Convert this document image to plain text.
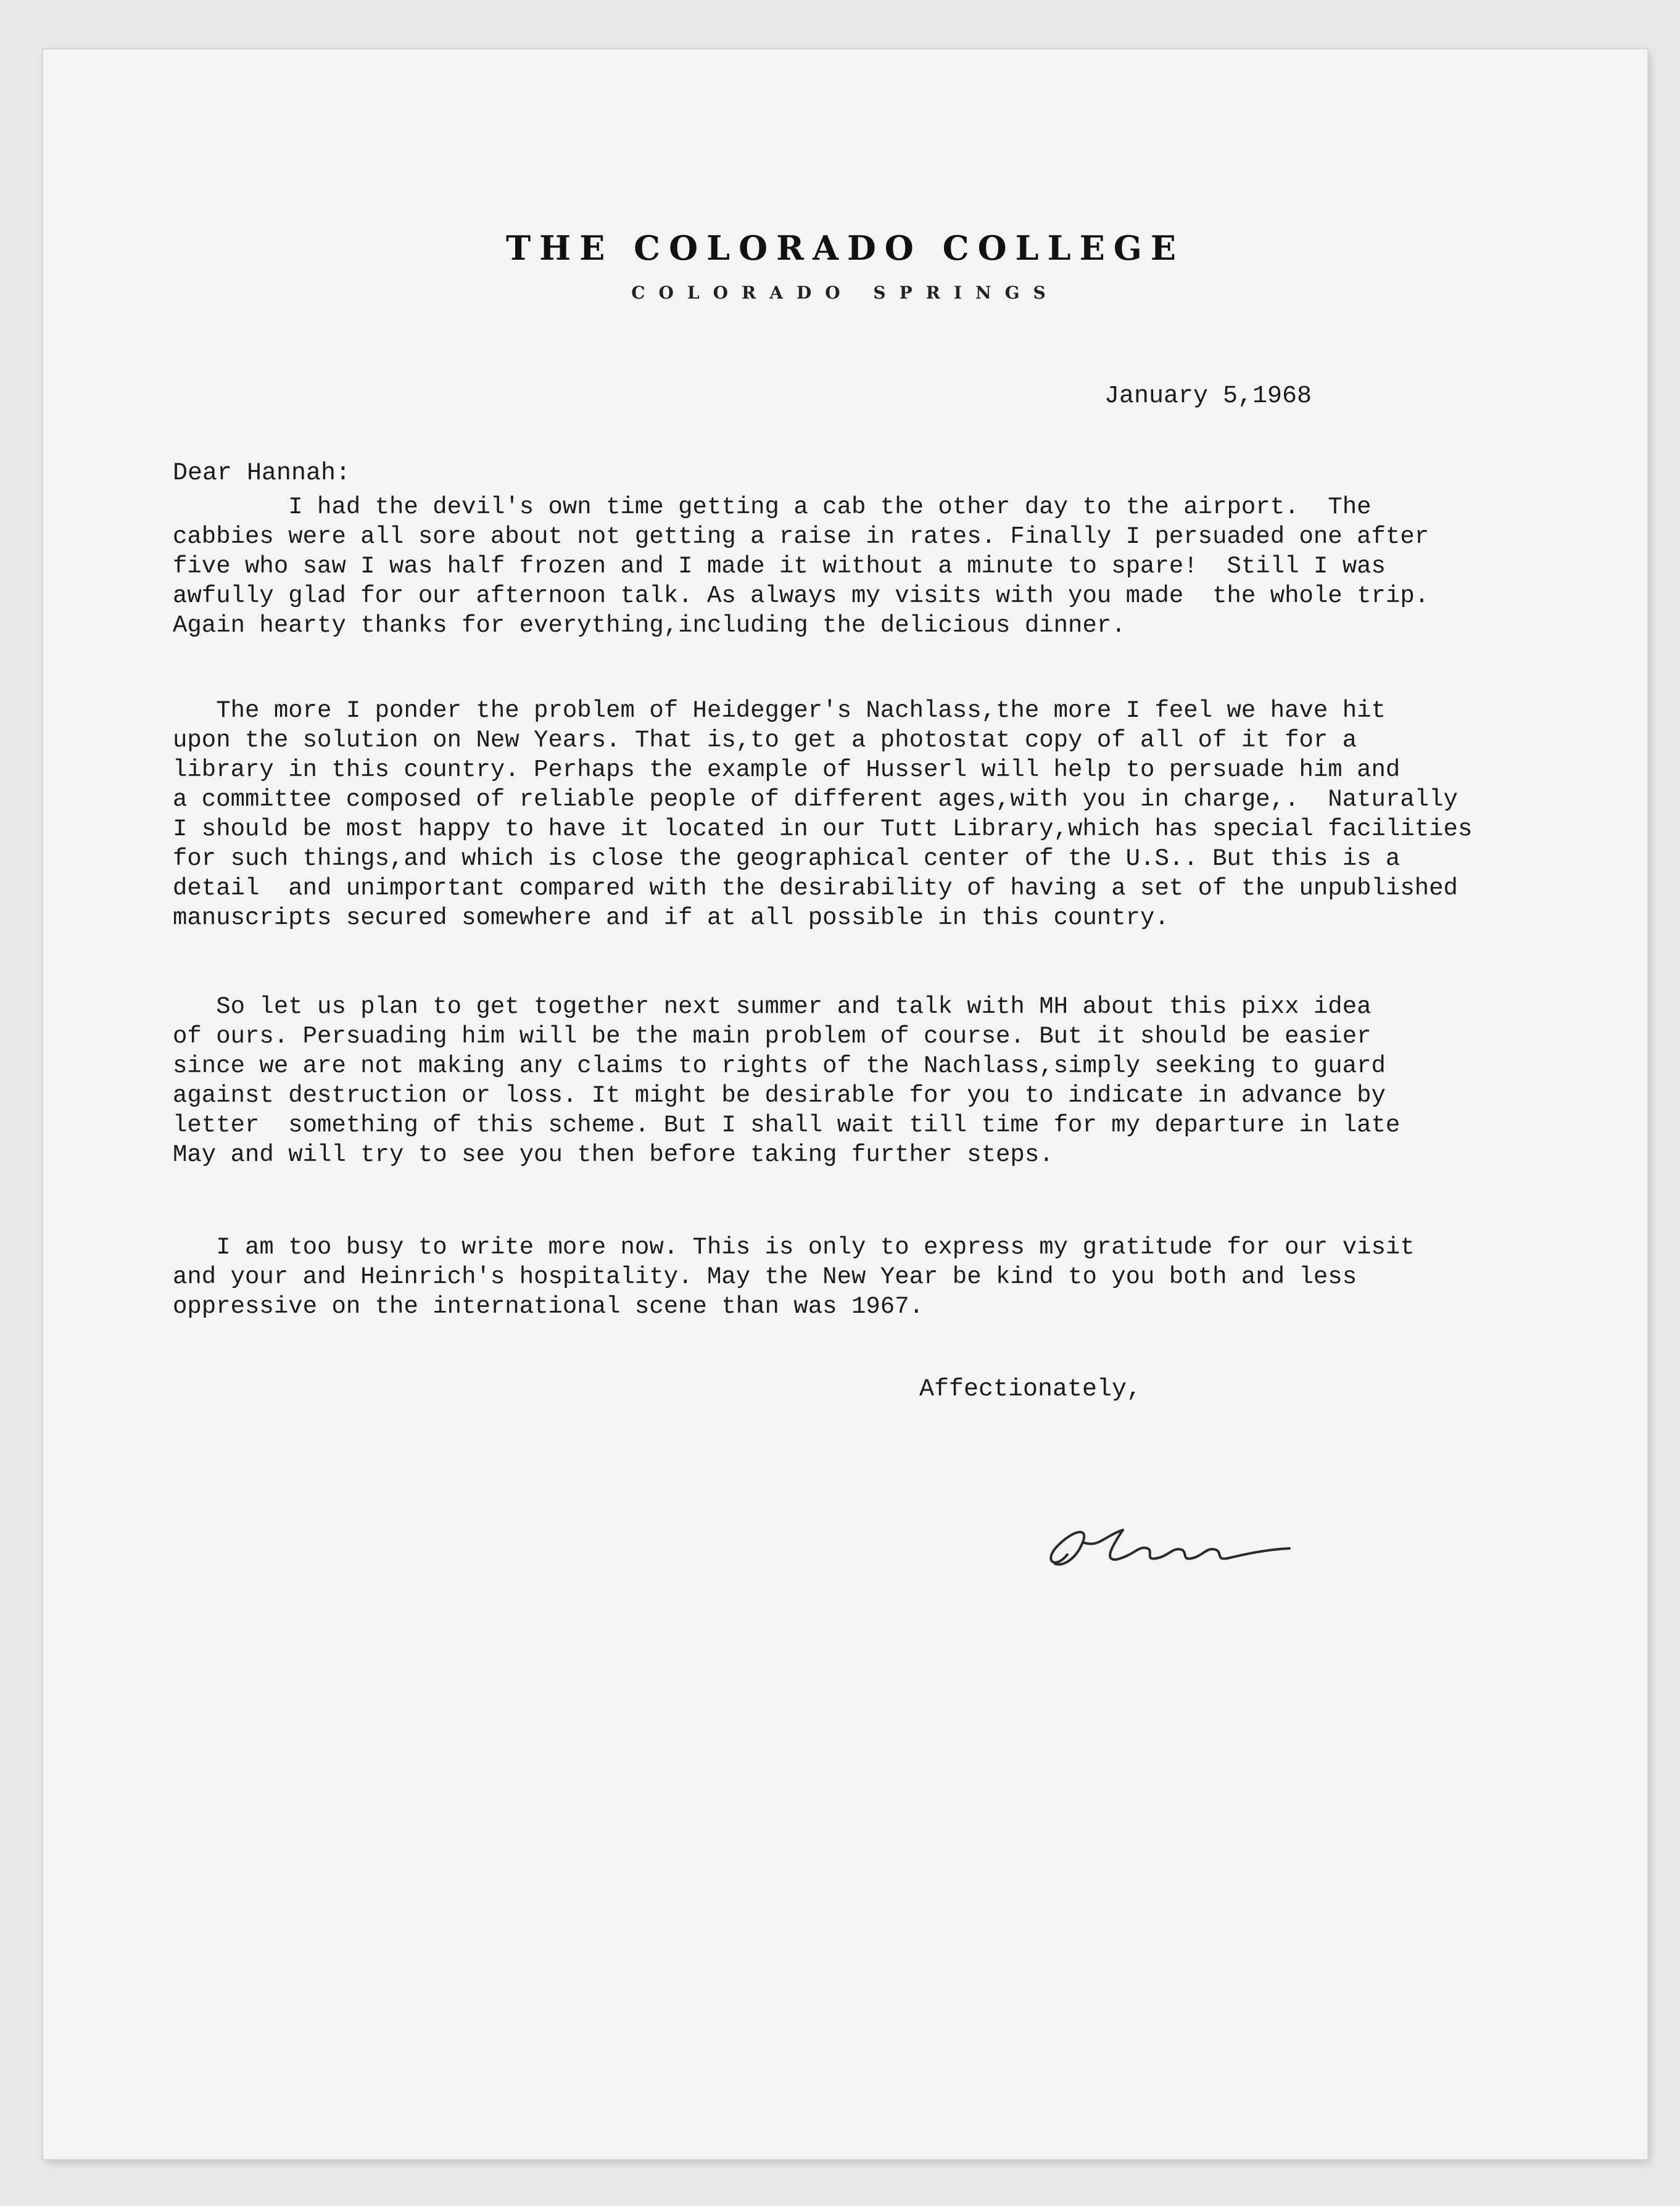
THE COLORADO COLLEGE
COLORADO SPRINGS
January 5,1968
Dear Hannah:
I had the devil's own time getting a cab the other day to the airport.  The
cabbies were all sore about not getting a raise in rates. Finally I persuaded one after
five who saw I was half frozen and I made it without a minute to spare!  Still I was
awfully glad for our afternoon talk. As always my visits with you made  the whole trip.
Again hearty thanks for everything,including the delicious dinner.
The more I ponder the problem of Heidegger's Nachlass,the more I feel we have hit
upon the solution on New Years. That is,to get a photostat copy of all of it for a
library in this country. Perhaps the example of Husserl will help to persuade him and
a committee composed of reliable people of different ages,with you in charge,.  Naturally
I should be most happy to have it located in our Tutt Library,which has special facilities
for such things,and which is close the geographical center of the U.S.. But this is a
detail  and unimportant compared with the desirability of having a set of the unpublished
manuscripts secured somewhere and if at all possible in this country.
So let us plan to get together next summer and talk with MH about this pixx idea
of ours. Persuading him will be the main problem of course. But it should be easier
since we are not making any claims to rights of the Nachlass,simply seeking to guard
against destruction or loss. It might be desirable for you to indicate in advance by
letter  something of this scheme. But I shall wait till time for my departure in late
May and will try to see you then before taking further steps.
I am too busy to write more now. This is only to express my gratitude for our visit
and your and Heinrich's hospitality. May the New Year be kind to you both and less
oppressive on the international scene than was 1967.
Affectionately,
